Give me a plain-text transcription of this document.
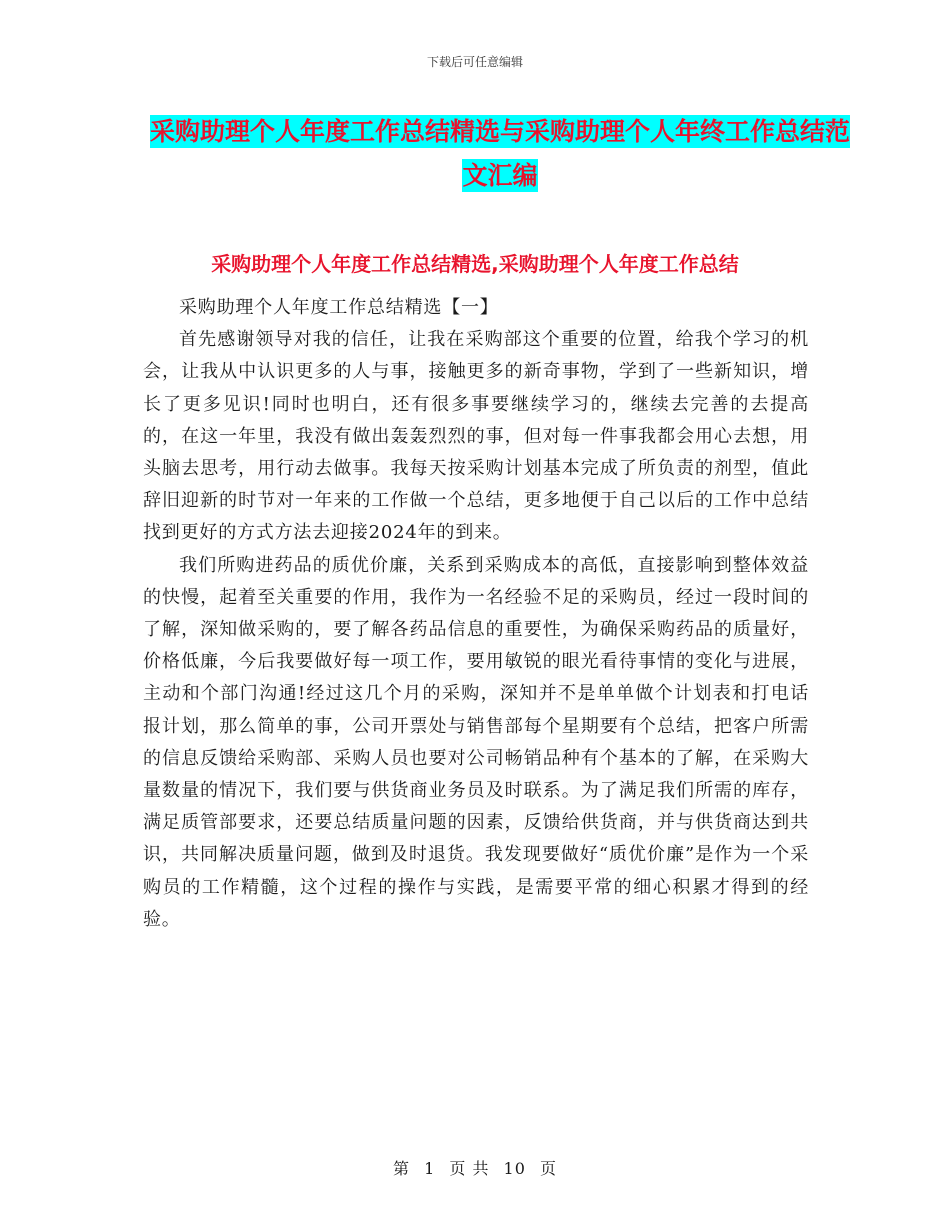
下载后可任意编辑
采购助理个人年度工作总结精选与采购助理个人年终工作总结范文汇编
采购助理个人年度工作总结精选,采购助理个人年度工作总结

采购助理个人年度工作总结精选【一】

首先感谢领导对我的信任，让我在采购部这个重要的位置，给我个学习的机会，让我从中认识更多的人与事，接触更多的新奇事物，学到了一些新知识，增长了更多见识!同时也明白，还有很多事要继续学习的，继续去完善的去提高的，在这一年里，我没有做出轰轰烈烈的事，但对每一件事我都会用心去想，用头脑去思考，用行动去做事。我每天按采购计划基本完成了所负责的剂型，值此辞旧迎新的时节对一年来的工作做一个总结，更多地便于自己以后的工作中总结找到更好的方式方法去迎接2024年的到来。

我们所购进药品的质优价廉，关系到采购成本的高低，直接影响到整体效益的快慢，起着至关重要的作用，我作为一名经验不足的采购员，经过一段时间的了解，深知做采购的，要了解各药品信息的重要性，为确保采购药品的质量好，价格低廉，今后我要做好每一项工作，要用敏锐的眼光看待事情的变化与进展，主动和个部门沟通!经过这几个月的采购，深知并不是单单做个计划表和打电话报计划，那么简单的事，公司开票处与销售部每个星期要有个总结，把客户所需的信息反馈给采购部、采购人员也要对公司畅销品种有个基本的了解，在采购大量数量的情况下，我们要与供货商业务员及时联系。为了满足我们所需的库存，满足质管部要求，还要总结质量问题的因素，反馈给供货商，并与供货商达到共识，共同解决质量问题，做到及时退货。我发现要做好“质优价廉”是作为一个采购员的工作精髓，这个过程的操作与实践，是需要平常的细心积累才得到的经验。

第 1 页 共 10 页
